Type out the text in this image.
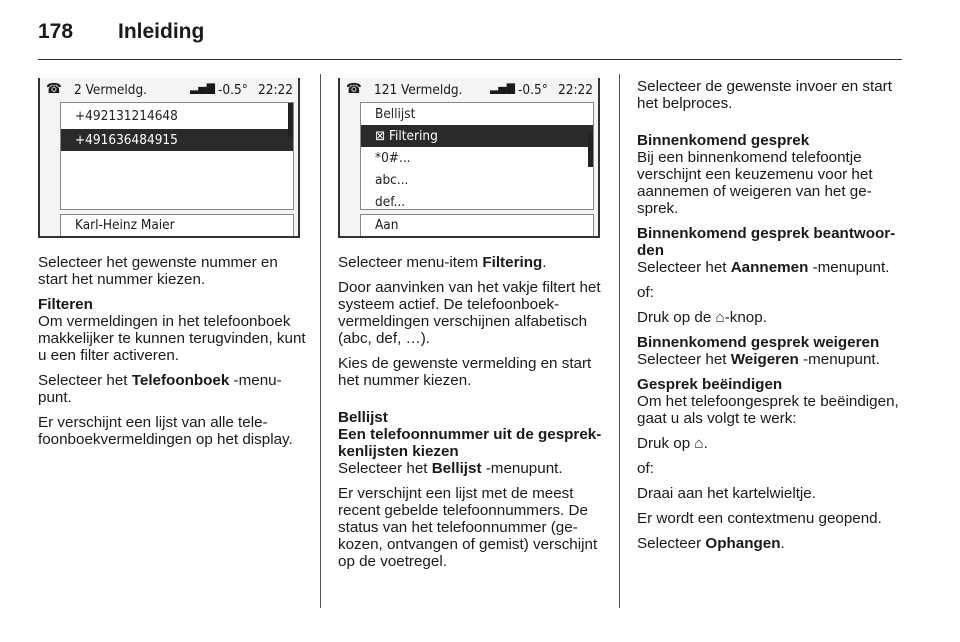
178 Inleiding
☎ 2 Vermeldg.	▂▄▆ -0.5° 22:22
+492131214648
+491636484915
Karl-Heinz Maier
☎ 121 Vermeldg. ▂▄▆ -0.5° 22:22
Bellijst
⊠ Filtering
*0#...
abc...
def...
Aan

Selecteer het gewenste nummer en start het nummer kiezen.

Filteren

Om vermeldingen in het telefoonboek makkelijker te kunnen terugvinden, kunt u een filter activeren.

Selecteer het Telefoonboek -menupunt.

Er verschijnt een lijst van alle telefoonboekvermeldingen op het display.

Selecteer menu-item Filtering.

Door aanvinken van het vakje filtert het systeem actief. De telefoonboekvermeldingen verschijnen alfabetisch (abc, def, …).

Kies de gewenste vermelding en start het nummer kiezen.

Bellijst
Een telefoonnummer uit de gesprekkenlijsten kiezen

Selecteer het Bellijst -menupunt.

Er verschijnt een lijst met de meest recent gebelde telefoonnummers. De status van het telefoonnummer (gekozen, ontvangen of gemist) verschijnt op de voetregel.

Selecteer de gewenste invoer en start het belproces.

Binnenkomend gesprek

Bij een binnenkomend telefoontje verschijnt een keuzemenu voor het aannemen of weigeren van het gesprek.

Binnenkomend gesprek beantwoorden

Selecteer het Aannemen -menupunt.

of:

Druk op de ⌂-knop.

Binnenkomend gesprek weigeren

Selecteer het Weigeren -menupunt.

Gesprek beëindigen

Om het telefoongesprek te beëindigen, gaat u als volgt te werk:

Druk op ⌂.

of:

Draai aan het kartelwieltje.

Er wordt een contextmenu geopend.

Selecteer Ophangen.
